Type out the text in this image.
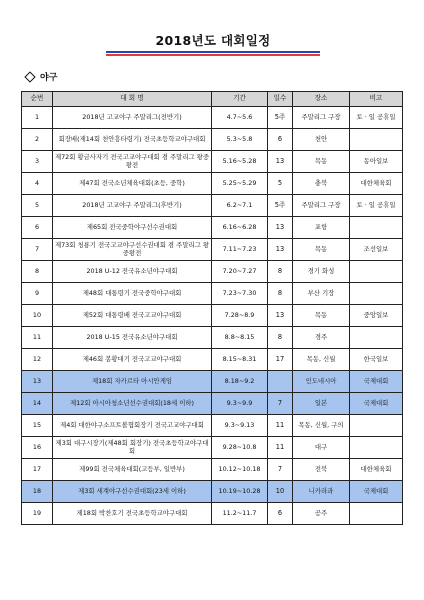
2018년도 대회일정
야구
순번	대 회 명	기간	일수	장소	비고
1	2018년 고교야구 주말리그(전반기)	4.7~5.6	5주	주말리그 구장	토 · 일 공휴일
2	회장배(제14회 천안흥타령기) 전국초등학교야구대회	5.3~5.8	6	천안	
3	제72회 황금사자기 전국고교야구대회 겸 주말리그 왕중왕전	5.16~5.28	13	목동	동아일보
4	제47회 전국소년체육대회(초등, 중학)	5.25~5.29	5	충북	대한체육회
5	2018년 고교야구 주말리그(후반기)	6.2~7.1	5주	주말리그 구장	토 · 일 공휴일
6	제65회 전국중학야구선수권대회	6.16~6.28	13	포항	
7	제73회 청룡기 전국고교야구선수권대회 겸 주말리그 왕중왕전	7.11~7.23	13	목동	조선일보
8	2018 U-12 전국유소년야구대회	7.20~7.27	8	경기 화성	
9	제48회 대통령기 전국중학야구대회	7.23~7.30	8	부산 기장	
10	제52회 대통령배 전국고교야구대회	7.28~8.9	13	목동	중앙일보
11	2018 U-15 전국유소년야구대회	8.8~8.15	8	경주	
12	제46회 봉황대기 전국고교야구대회	8.15~8.31	17	목동, 신월	한국일보
13	제18회 자카르타 아시안게임	8.18~9.2		인도네시아	국제대회
14	제12회 아시아청소년선수권대회(18세 이하)	9.3~9.9	7	일본	국제대회
15	제4회 대한야구소프트볼협회장기 전국고교야구대회	9.3~9.13	11	목동, 신월, 구의	
16	제3회 대구시장기(제48회 회장기) 전국초등학교야구대회	9.28~10.8	11	대구	
17	제99회 전국체육대회(고등부, 일반부)	10.12~10.18	7	전북	대한체육회
18	제3회 세계야구선수권대회(23세 이하)	10.19~10.28	10	니카라과	국제대회
19	제18회 박찬호기 전국초등학교야구대회	11.2~11.7	6	공주	
